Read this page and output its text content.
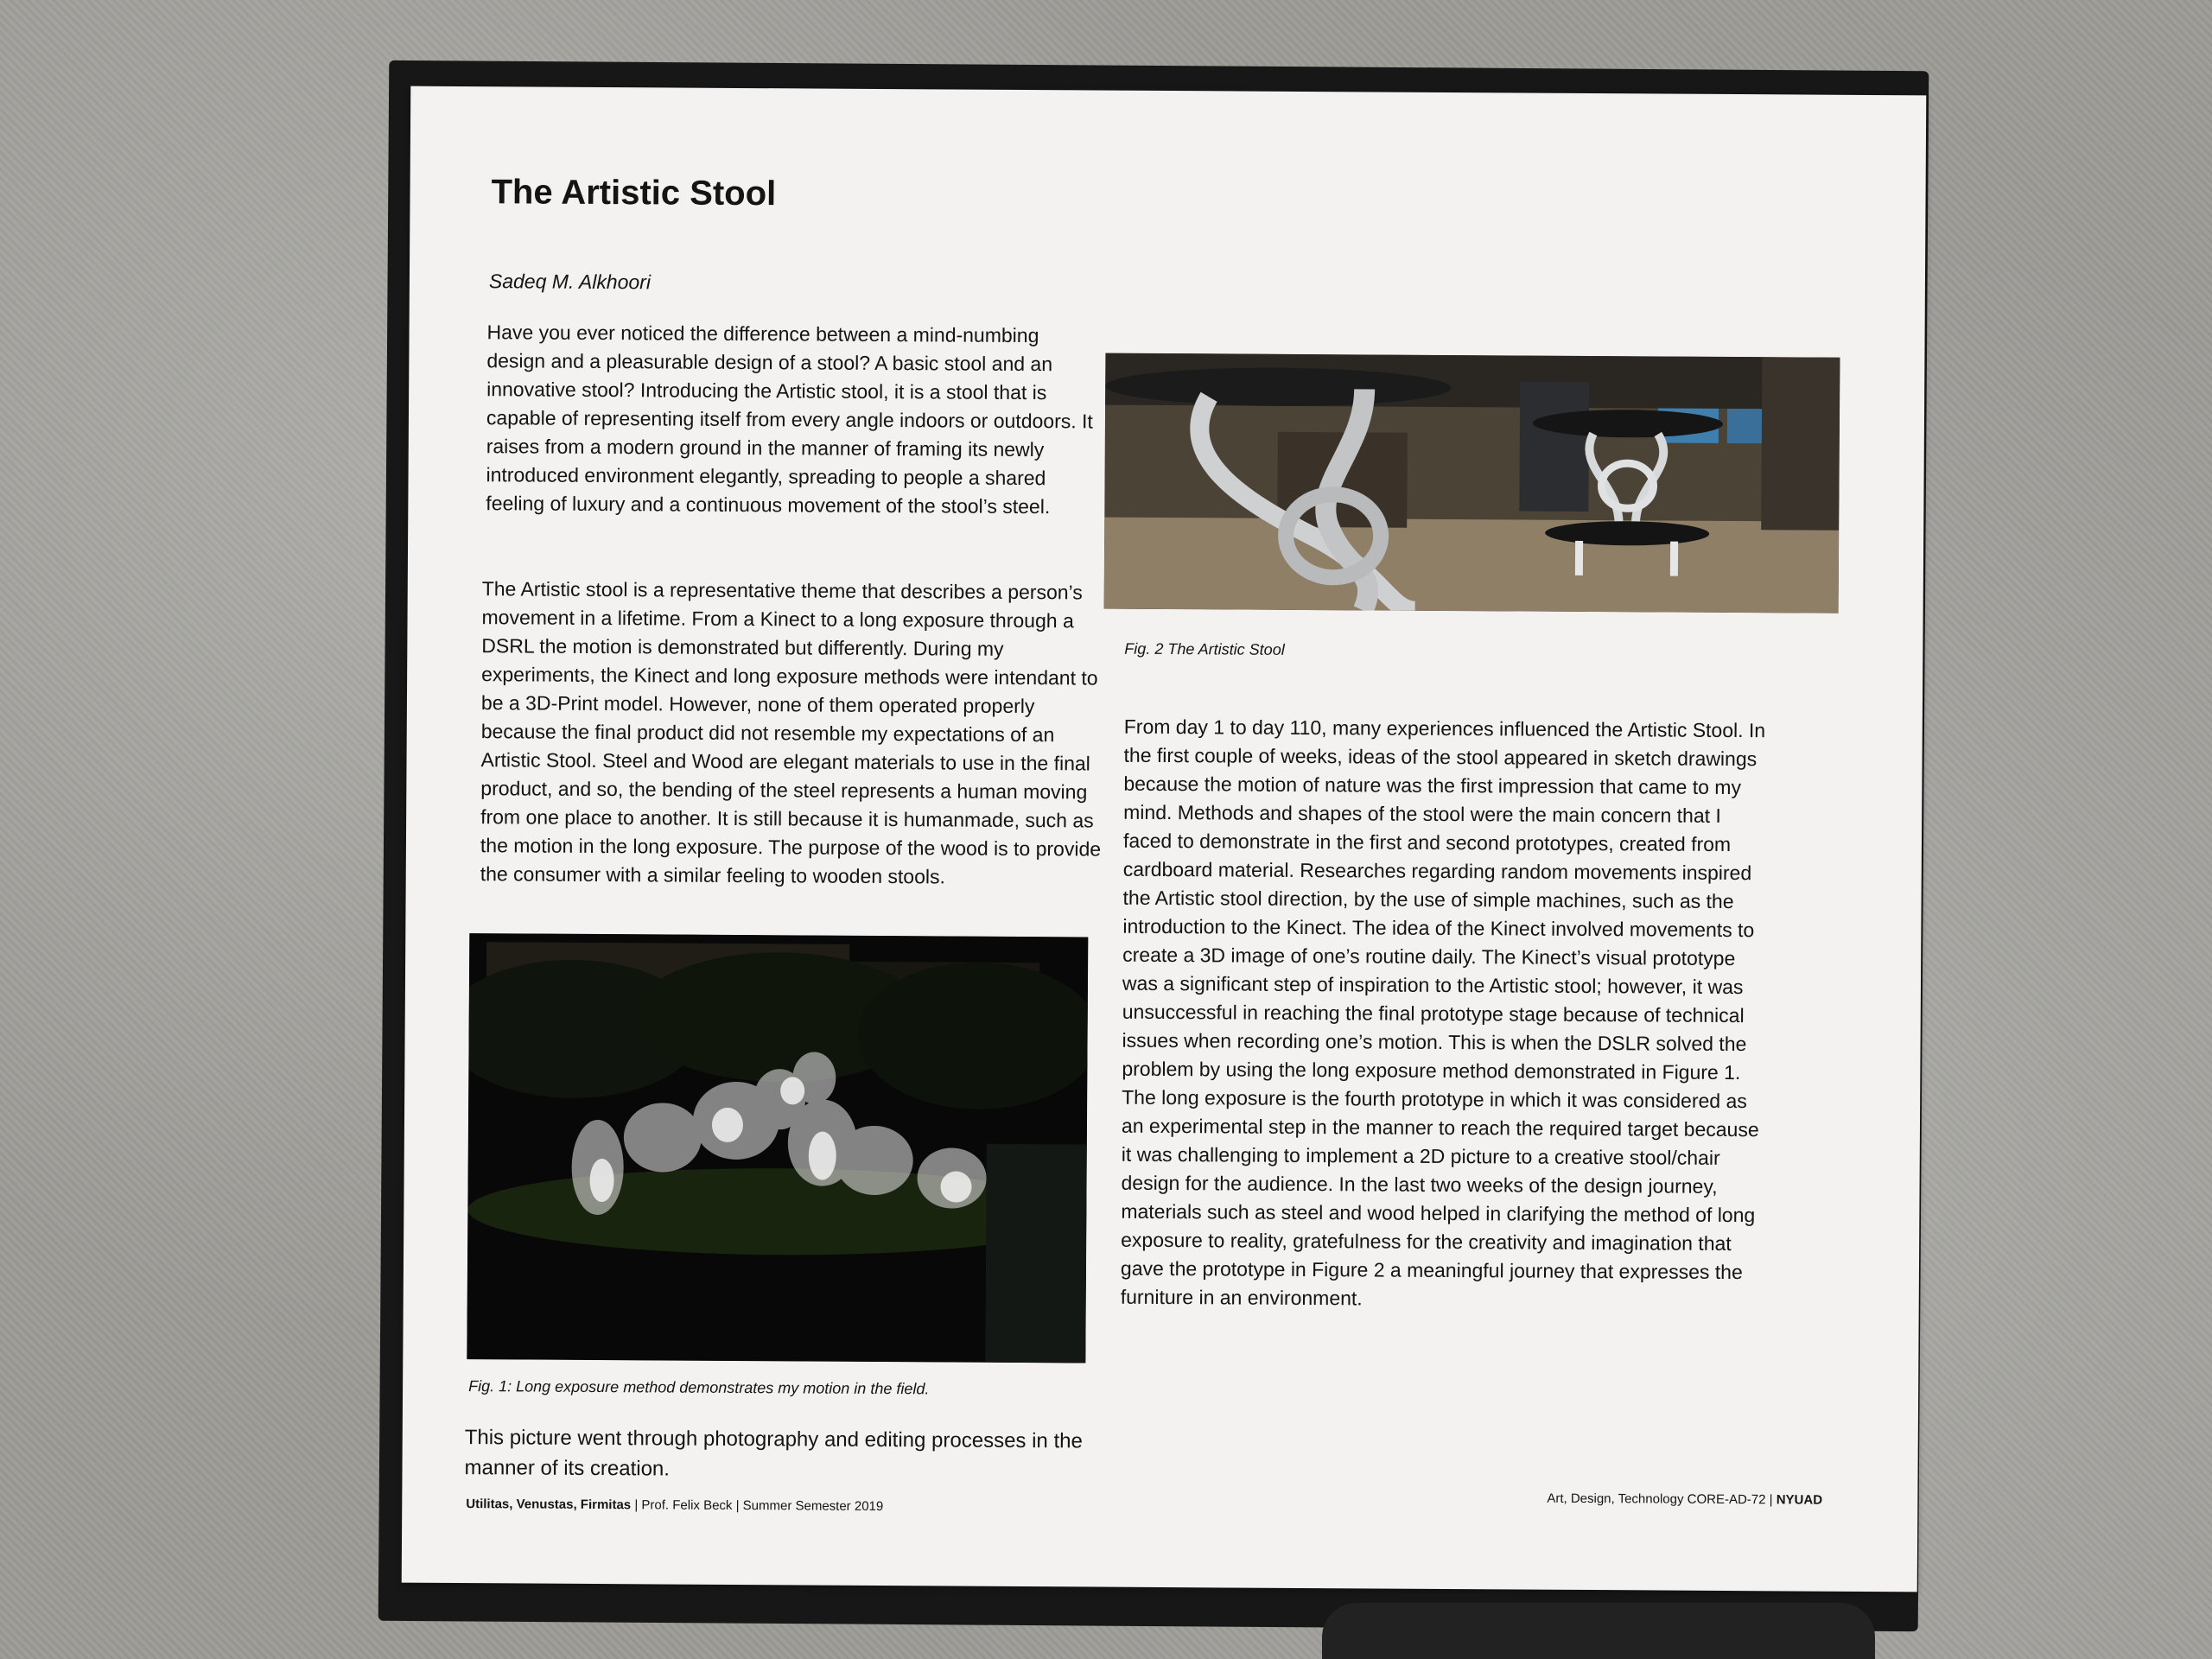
The Artistic Stool
Sadeq M. Alkhoori
Have you ever noticed the difference between a mind-numbing design and a pleasurable design of a stool? A basic stool and an innovative stool? Introducing the Artistic stool, it is a stool that is capable of representing itself from every angle indoors or outdoors. It raises from a modern ground in the manner of framing its newly introduced environment elegantly, spreading to people a shared feeling of luxury and a continuous movement of the stool’s steel.
The Artistic stool is a representative theme that describes a person’s movement in a lifetime. From a Kinect to a long exposure through a DSRL the motion is demonstrated but differently. During my experiments, the Kinect and long exposure methods were intendant to be a 3D-Print model. However, none of them operated properly because the final product did not resemble my expectations of an Artistic Stool. Steel and Wood are elegant materials to use in the final product, and so, the bending of the steel represents a human moving from one place to another. It is still because it is humanmade, such as the motion in the long exposure. The purpose of the wood is to provide the consumer with a similar feeling to wooden stools.
Fig. 1: Long exposure method demonstrates my motion in the field.
This picture went through photography and editing processes in the manner of its creation.
Fig. 2 The Artistic Stool
From day 1 to day 110, many experiences influenced the Artistic Stool. In the first couple of weeks, ideas of the stool appeared in sketch drawings because the motion of nature was the first impression that came to my mind. Methods and shapes of the stool were the main concern that I faced to demonstrate in the first and second prototypes, created from cardboard material. Researches regarding random movements inspired the Artistic stool direction, by the use of simple machines, such as the introduction to the Kinect. The idea of the Kinect involved movements to create a 3D image of one’s routine daily. The Kinect’s visual prototype was a significant step of inspiration to the Artistic stool; however, it was unsuccessful in reaching the final prototype stage because of technical issues when recording one’s motion. This is when the DSLR solved the problem by using the long exposure method demonstrated in Figure 1. The long exposure is the fourth prototype in which it was considered as an experimental step in the manner to reach the required target because it was challenging to implement a 2D picture to a creative stool/chair design for the audience. In the last two weeks of the design journey, materials such as steel and wood helped in clarifying the method of long exposure to reality, gratefulness for the creativity and imagination that gave the prototype in Figure 2 a meaningful journey that expresses the furniture in an environment.
Utilitas, Venustas, Firmitas | Prof. Felix Beck | Summer Semester 2019	Art, Design, Technology CORE-AD-72 | NYUAD
